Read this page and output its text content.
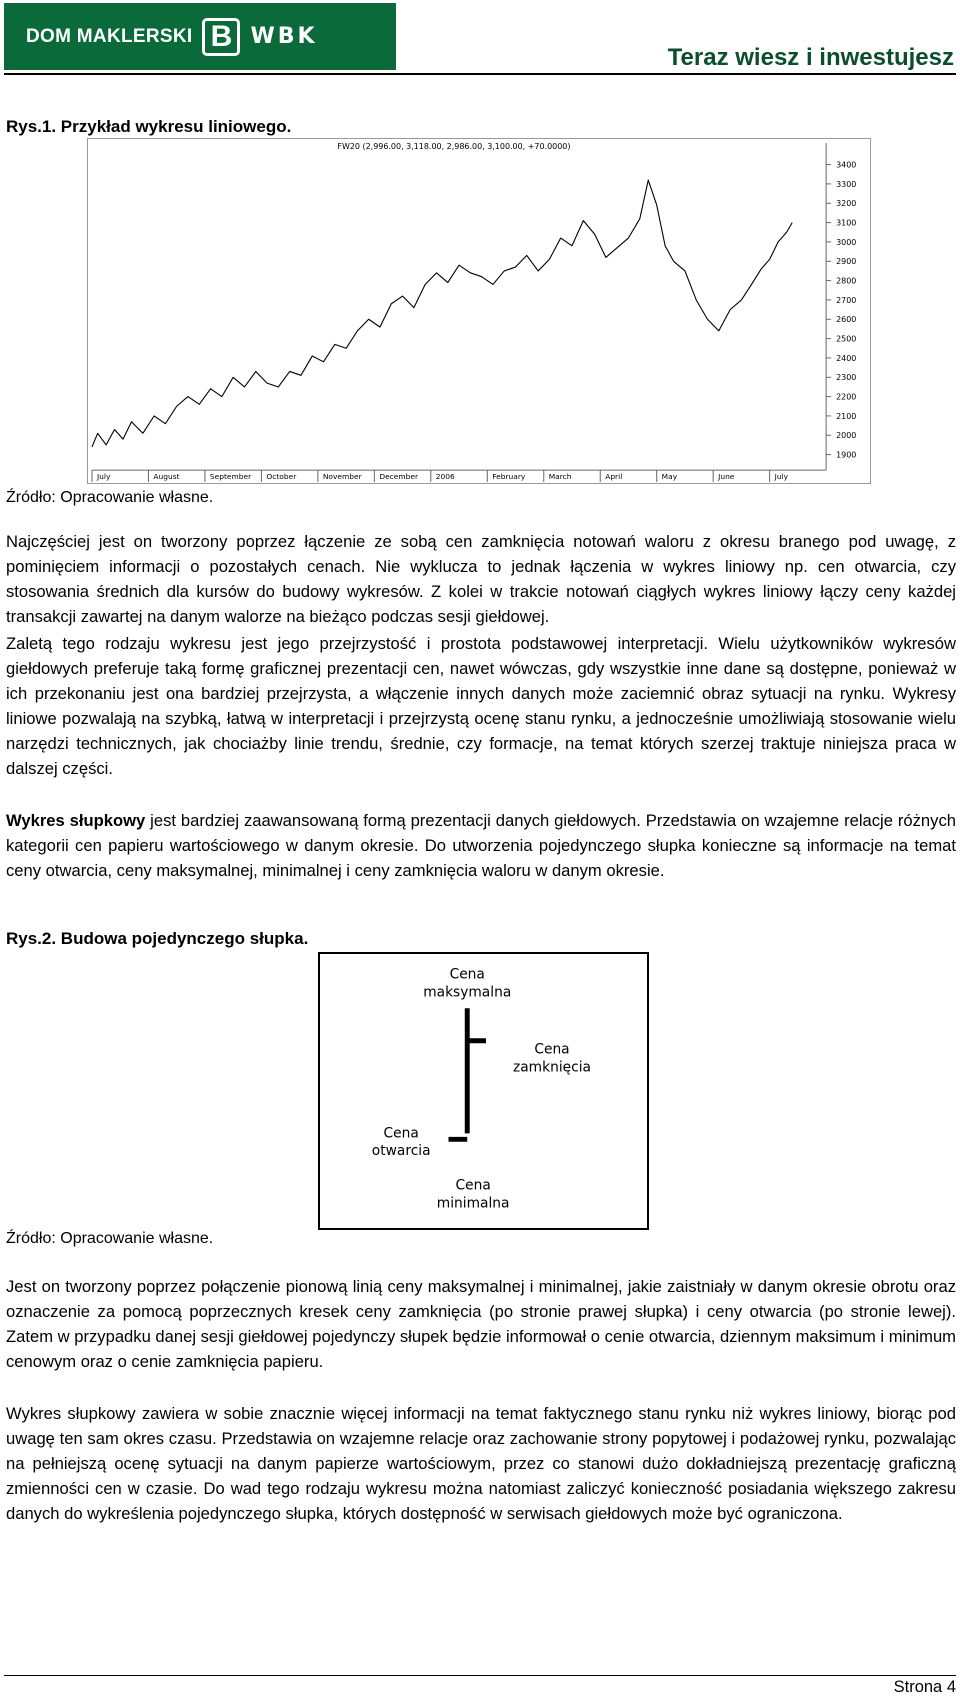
DOM MAKLERSKI B WBK
Teraz wiesz i inwestujesz
Rys.1. Przykład wykresu liniowego.
FW20 (2,996.00, 3,118.00, 2,986.00, 3,100.00, +70.0000)
1900
2000
2100
2200
2300
2400
2500
2600
2700
2800
2900
3000
3100
3200
3300
3400
July	August	September October	November December 2006	February	March	April	May	June	July
Źródło: Opracowanie własne.

Najczęściej jest on tworzony poprzez łączenie ze sobą cen zamknięcia notowań waloru z okresu branego pod uwagę, z pominięciem informacji o pozostałych cenach. Nie wyklucza to jednak łączenia w wykres liniowy np. cen otwarcia, czy stosowania średnich dla kursów do budowy wykresów. Z kolei w trakcie notowań ciągłych wykres liniowy łączy ceny każdej transakcji zawartej na danym walorze na bieżąco podczas sesji giełdowej.

Zaletą tego rodzaju wykresu jest jego przejrzystość i prostota podstawowej interpretacji. Wielu użytkowników wykresów giełdowych preferuje taką formę graficznej prezentacji cen, nawet wówczas, gdy wszystkie inne dane są dostępne, ponieważ w ich przekonaniu jest ona bardziej przejrzysta, a włączenie innych danych może zaciemnić obraz sytuacji na rynku. Wykresy liniowe pozwalają na szybką, łatwą w interpretacji i przejrzystą ocenę stanu rynku, a jednocześnie umożliwiają stosowanie wielu narzędzi technicznych, jak chociażby linie trendu, średnie, czy formacje, na temat których szerzej traktuje niniejsza praca w dalszej części.

Wykres słupkowy jest bardziej zaawansowaną formą prezentacji danych giełdowych. Przedstawia on wzajemne relacje różnych kategorii cen papieru wartościowego w danym okresie. Do utworzenia pojedynczego słupka konieczne są informacje na temat ceny otwarcia, ceny maksymalnej, minimalnej i ceny zamknięcia waloru w danym okresie.

Rys.2. Budowa pojedynczego słupka.
Cena
maksymalna
Cena
zamknięcia
Cena
otwarcia
Cena
minimalna
Źródło: Opracowanie własne.

Jest on tworzony poprzez połączenie pionową linią ceny maksymalnej i minimalnej, jakie zaistniały w danym okresie obrotu oraz oznaczenie za pomocą poprzecznych kresek ceny zamknięcia (po stronie prawej słupka) i ceny otwarcia (po stronie lewej). Zatem w przypadku danej sesji giełdowej pojedynczy słupek będzie informował o cenie otwarcia, dziennym maksimum i minimum cenowym oraz o cenie zamknięcia papieru.

Wykres słupkowy zawiera w sobie znacznie więcej informacji na temat faktycznego stanu rynku niż wykres liniowy, biorąc pod uwagę ten sam okres czasu. Przedstawia on wzajemne relacje oraz zachowanie strony popytowej i podażowej rynku, pozwalając na pełniejszą ocenę sytuacji na danym papierze wartościowym, przez co stanowi dużo dokładniejszą prezentację graficzną zmienności cen w czasie. Do wad tego rodzaju wykresu można natomiast zaliczyć konieczność posiadania większego zakresu danych do wykreślenia pojedynczego słupka, których dostępność w serwisach giełdowych może być ograniczona.

Strona 4
